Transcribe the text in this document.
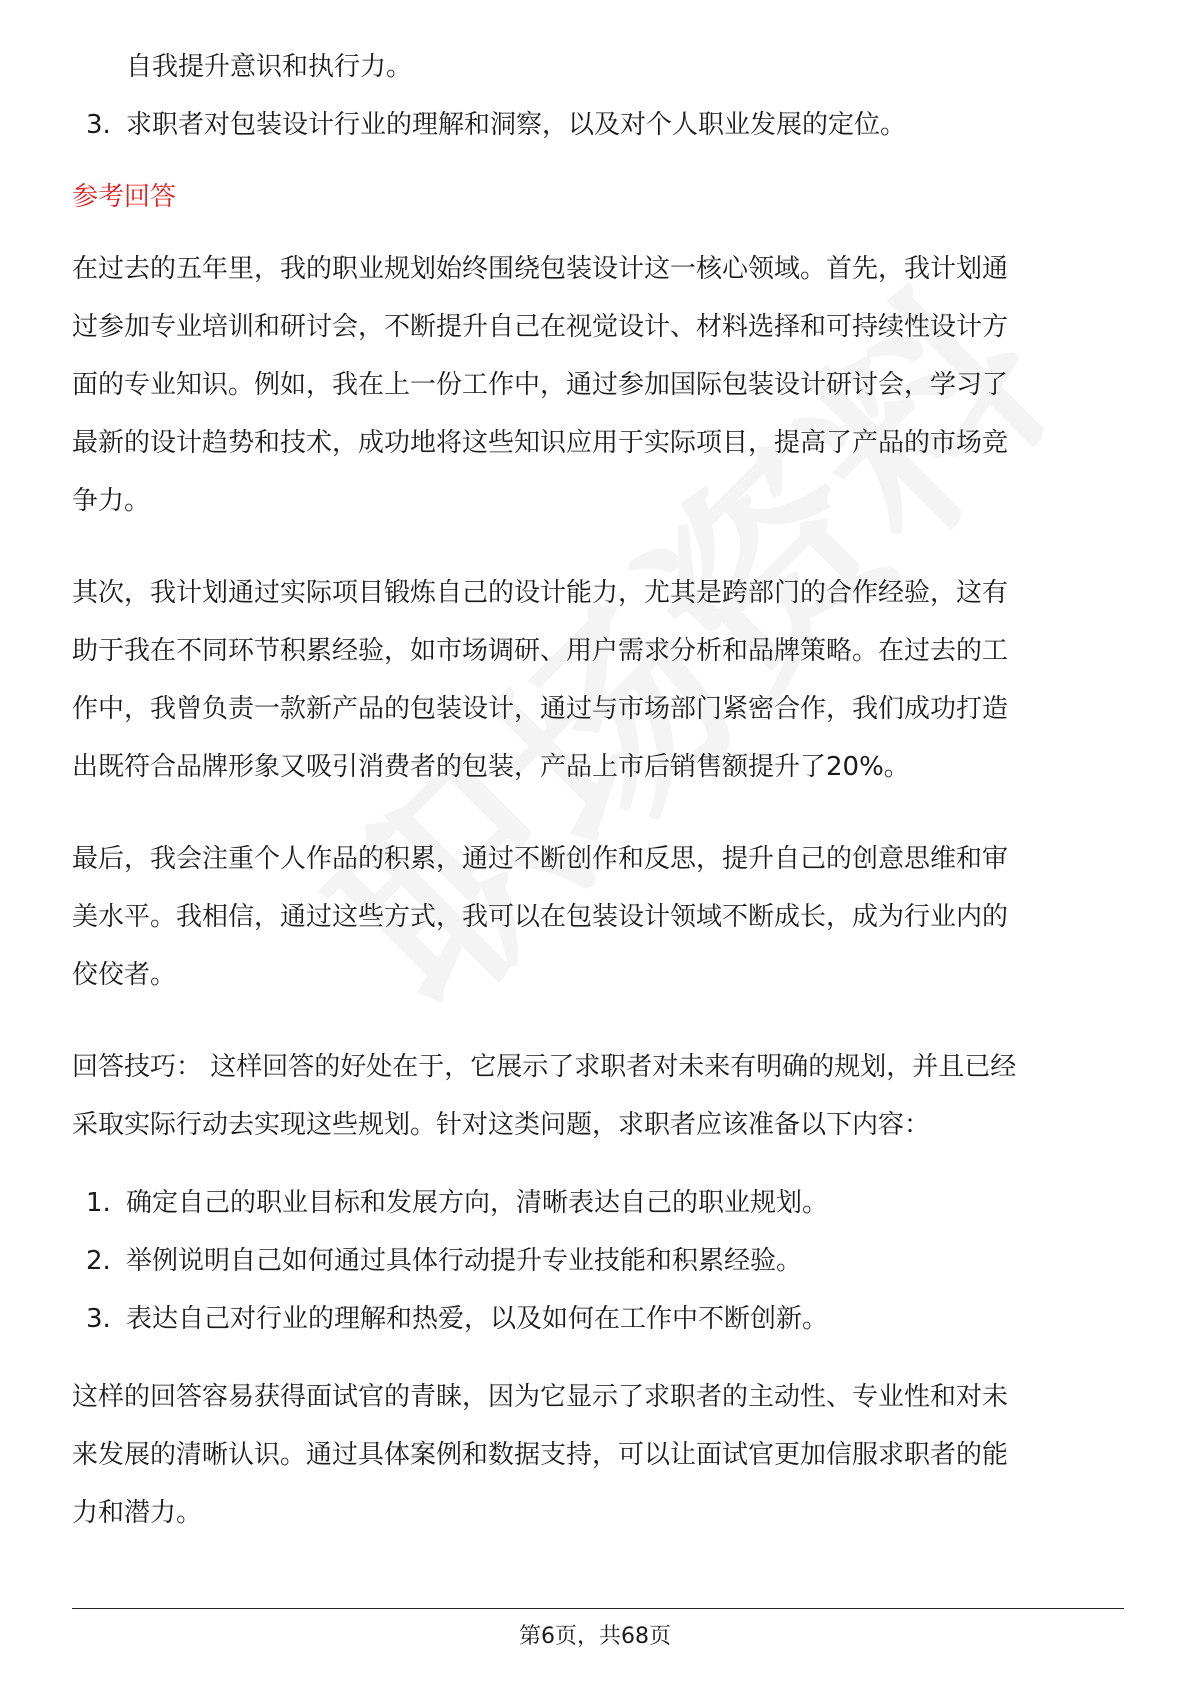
自我提升意识和执行力。
3. 求职者对包装设计行业的理解和洞察，以及对个人职业发展的定位。
参考回答
在过去的五年里，我的职业规划始终围绕包装设计这一核心领域。首先，我计划通
过参加专业培训和研讨会，不断提升自己在视觉设计、材料选择和可持续性设计方
面的专业知识。例如，我在上一份工作中，通过参加国际包装设计研讨会，学习了
最新的设计趋势和技术，成功地将这些知识应用于实际项目，提高了产品的市场竞
争力。
其次，我计划通过实际项目锻炼自己的设计能力，尤其是跨部门的合作经验，这有
助于我在不同环节积累经验，如市场调研、用户需求分析和品牌策略。在过去的工
作中，我曾负责一款新产品的包装设计，通过与市场部门紧密合作，我们成功打造
出既符合品牌形象又吸引消费者的包装，产品上市后销售额提升了20%。
最后，我会注重个人作品的积累，通过不断创作和反思，提升自己的创意思维和审
美水平。我相信，通过这些方式，我可以在包装设计领域不断成长，成为行业内的
佼佼者。
回答技巧： 这样回答的好处在于，它展示了求职者对未来有明确的规划，并且已经
采取实际行动去实现这些规划。针对这类问题，求职者应该准备以下内容：
1. 确定自己的职业目标和发展方向，清晰表达自己的职业规划。
2. 举例说明自己如何通过具体行动提升专业技能和积累经验。
3. 表达自己对行业的理解和热爱，以及如何在工作中不断创新。
这样的回答容易获得面试官的青睐，因为它显示了求职者的主动性、专业性和对未
来发展的清晰认识。通过具体案例和数据支持，可以让面试官更加信服求职者的能
力和潜力。
第6页，共68页
